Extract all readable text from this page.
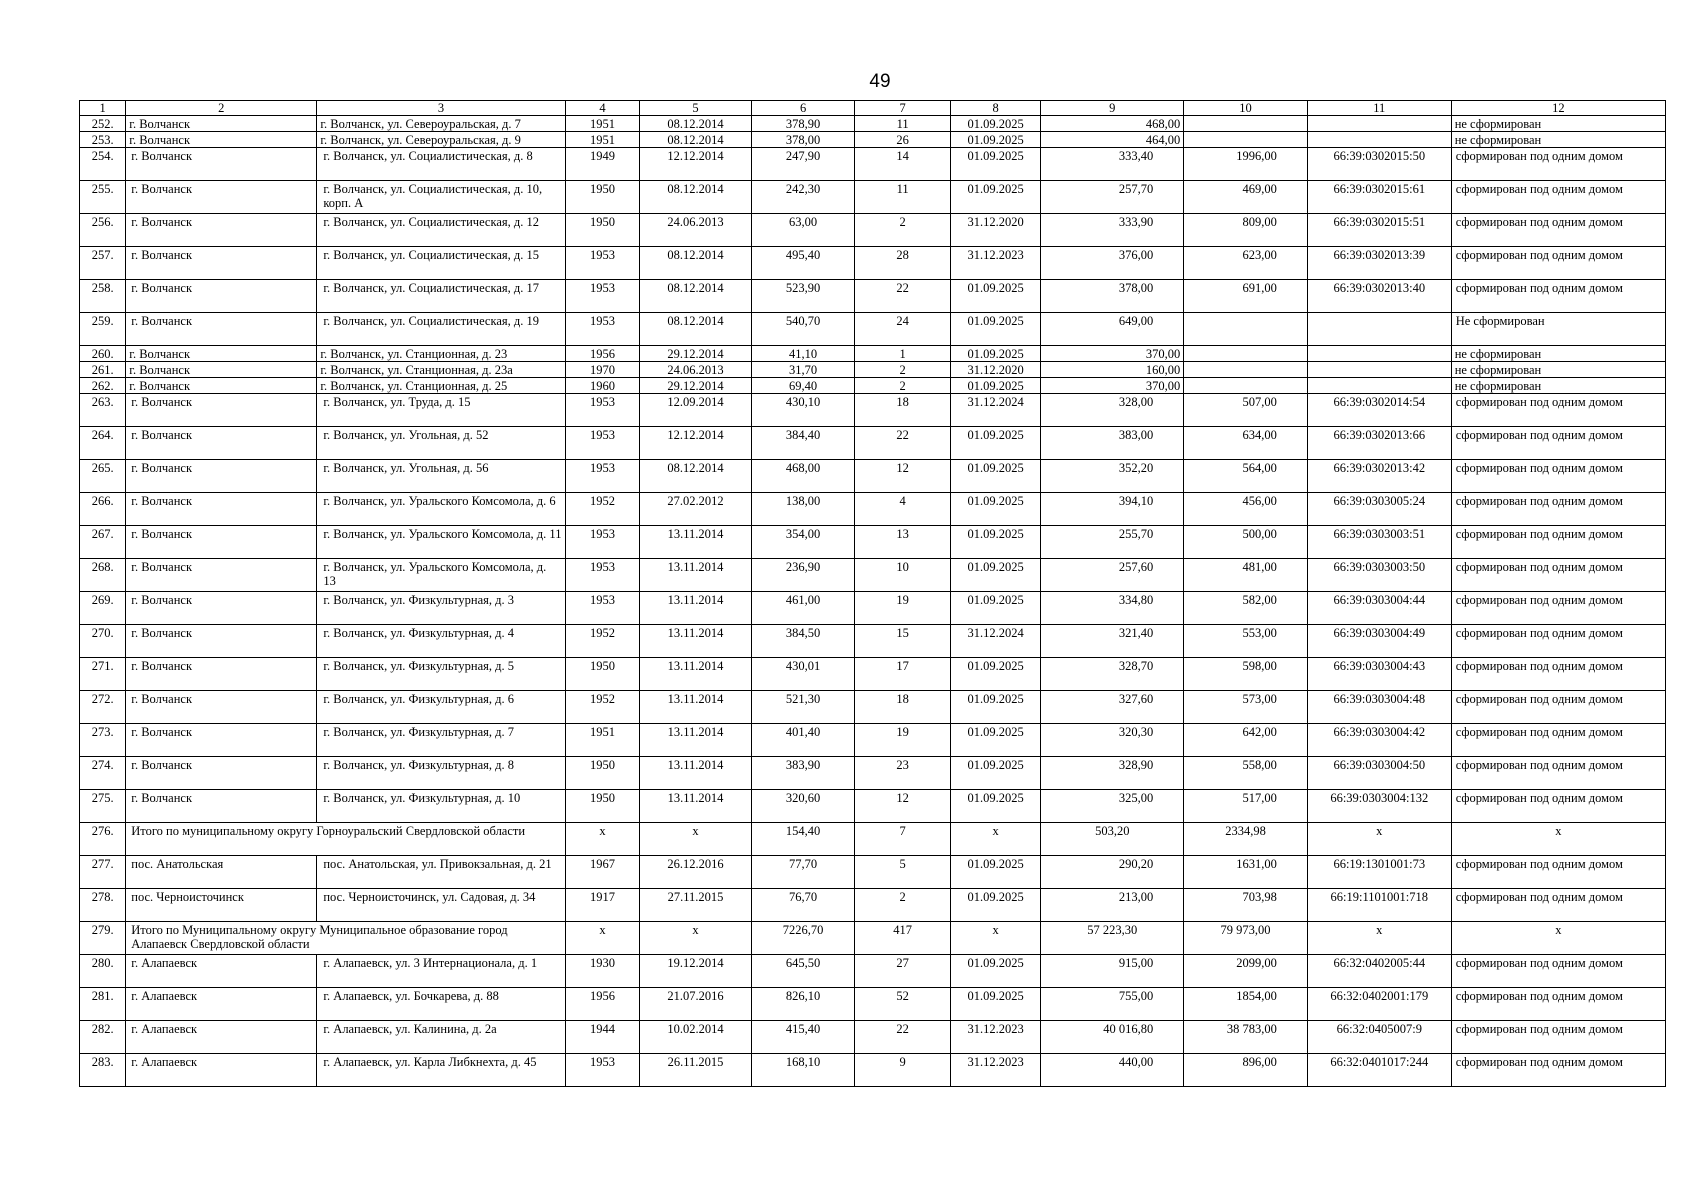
49
1	2	3	4	5	6	7	8	9	10	11	12
252.	г. Волчанск	г. Волчанск, ул. Североуральская, д. 7	1951	08.12.2014	378,90	11	01.09.2025	468,00			не сформирован
253.	г. Волчанск	г. Волчанск, ул. Североуральская, д. 9	1951	08.12.2014	378,00	26	01.09.2025	464,00			не сформирован
254.	г. Волчанск	г. Волчанск, ул. Социалистическая, д. 8	1949	12.12.2014	247,90	14	01.09.2025	333,40	1996,00	66:39:0302015:50	сформирован под одним домом
255.	г. Волчанск	г. Волчанск, ул. Социалистическая, д. 10, корп. А	1950	08.12.2014	242,30	11	01.09.2025	257,70	469,00	66:39:0302015:61	сформирован под одним домом
256.	г. Волчанск	г. Волчанск, ул. Социалистическая, д. 12	1950	24.06.2013	63,00	2	31.12.2020	333,90	809,00	66:39:0302015:51	сформирован под одним домом
257.	г. Волчанск	г. Волчанск, ул. Социалистическая, д. 15	1953	08.12.2014	495,40	28	31.12.2023	376,00	623,00	66:39:0302013:39	сформирован под одним домом
258.	г. Волчанск	г. Волчанск, ул. Социалистическая, д. 17	1953	08.12.2014	523,90	22	01.09.2025	378,00	691,00	66:39:0302013:40	сформирован под одним домом
259.	г. Волчанск	г. Волчанск, ул. Социалистическая, д. 19	1953	08.12.2014	540,70	24	01.09.2025	649,00			Не сформирован
260.	г. Волчанск	г. Волчанск, ул. Станционная, д. 23	1956	29.12.2014	41,10	1	01.09.2025	370,00			не сформирован
261.	г. Волчанск	г. Волчанск, ул. Станционная, д. 23а	1970	24.06.2013	31,70	2	31.12.2020	160,00			не сформирован
262.	г. Волчанск	г. Волчанск, ул. Станционная, д. 25	1960	29.12.2014	69,40	2	01.09.2025	370,00			не сформирован
263.	г. Волчанск	г. Волчанск, ул. Труда, д. 15	1953	12.09.2014	430,10	18	31.12.2024	328,00	507,00	66:39:0302014:54	сформирован под одним домом
264.	г. Волчанск	г. Волчанск, ул. Угольная, д. 52	1953	12.12.2014	384,40	22	01.09.2025	383,00	634,00	66:39:0302013:66	сформирован под одним домом
265.	г. Волчанск	г. Волчанск, ул. Угольная, д. 56	1953	08.12.2014	468,00	12	01.09.2025	352,20	564,00	66:39:0302013:42	сформирован под одним домом
266.	г. Волчанск	г. Волчанск, ул. Уральского Комсомола, д. 6	1952	27.02.2012	138,00	4	01.09.2025	394,10	456,00	66:39:0303005:24	сформирован под одним домом
267.	г. Волчанск	г. Волчанск, ул. Уральского Комсомола, д. 11	1953	13.11.2014	354,00	13	01.09.2025	255,70	500,00	66:39:0303003:51	сформирован под одним домом
268.	г. Волчанск	г. Волчанск, ул. Уральского Комсомола, д. 13	1953	13.11.2014	236,90	10	01.09.2025	257,60	481,00	66:39:0303003:50	сформирован под одним домом
269.	г. Волчанск	г. Волчанск, ул. Физкультурная, д. 3	1953	13.11.2014	461,00	19	01.09.2025	334,80	582,00	66:39:0303004:44	сформирован под одним домом
270.	г. Волчанск	г. Волчанск, ул. Физкультурная, д. 4	1952	13.11.2014	384,50	15	31.12.2024	321,40	553,00	66:39:0303004:49	сформирован под одним домом
271.	г. Волчанск	г. Волчанск, ул. Физкультурная, д. 5	1950	13.11.2014	430,01	17	01.09.2025	328,70	598,00	66:39:0303004:43	сформирован под одним домом
272.	г. Волчанск	г. Волчанск, ул. Физкультурная, д. 6	1952	13.11.2014	521,30	18	01.09.2025	327,60	573,00	66:39:0303004:48	сформирован под одним домом
273.	г. Волчанск	г. Волчанск, ул. Физкультурная, д. 7	1951	13.11.2014	401,40	19	01.09.2025	320,30	642,00	66:39:0303004:42	сформирован под одним домом
274.	г. Волчанск	г. Волчанск, ул. Физкультурная, д. 8	1950	13.11.2014	383,90	23	01.09.2025	328,90	558,00	66:39:0303004:50	сформирован под одним домом
275.	г. Волчанск	г. Волчанск, ул. Физкультурная, д. 10	1950	13.11.2014	320,60	12	01.09.2025	325,00	517,00	66:39:0303004:132	сформирован под одним домом
276.	Итого по муниципальному округу Горноуральский Свердловской области		x	x	154,40	7	x	503,20	2334,98	x	x
277.	пос. Анатольская	пос. Анатольская, ул. Привокзальная, д. 21	1967	26.12.2016	77,70	5	01.09.2025	290,20	1631,00	66:19:1301001:73	сформирован под одним домом
278.	пос. Черноисточинск	пос. Черноисточинск, ул. Садовая, д. 34	1917	27.11.2015	76,70	2	01.09.2025	213,00	703,98	66:19:1101001:718	сформирован под одним домом
279.	Итого по Муниципальному округу Муниципальное образование город Алапаевск Свердловской области		x	x	7226,70	417	x	57 223,30	79 973,00	x	x
280.	г. Алапаевск	г. Алапаевск, ул. 3 Интернационала, д. 1	1930	19.12.2014	645,50	27	01.09.2025	915,00	2099,00	66:32:0402005:44	сформирован под одним домом
281.	г. Алапаевск	г. Алапаевск, ул. Бочкарева, д. 88	1956	21.07.2016	826,10	52	01.09.2025	755,00	1854,00	66:32:0402001:179	сформирован под одним домом
282.	г. Алапаевск	г. Алапаевск, ул. Калинина, д. 2а	1944	10.02.2014	415,40	22	31.12.2023	40 016,80	38 783,00	66:32:0405007:9	сформирован под одним домом
283.	г. Алапаевск	г. Алапаевск, ул. Карла Либкнехта, д. 45	1953	26.11.2015	168,10	9	31.12.2023	440,00	896,00	66:32:0401017:244	сформирован под одним домом
